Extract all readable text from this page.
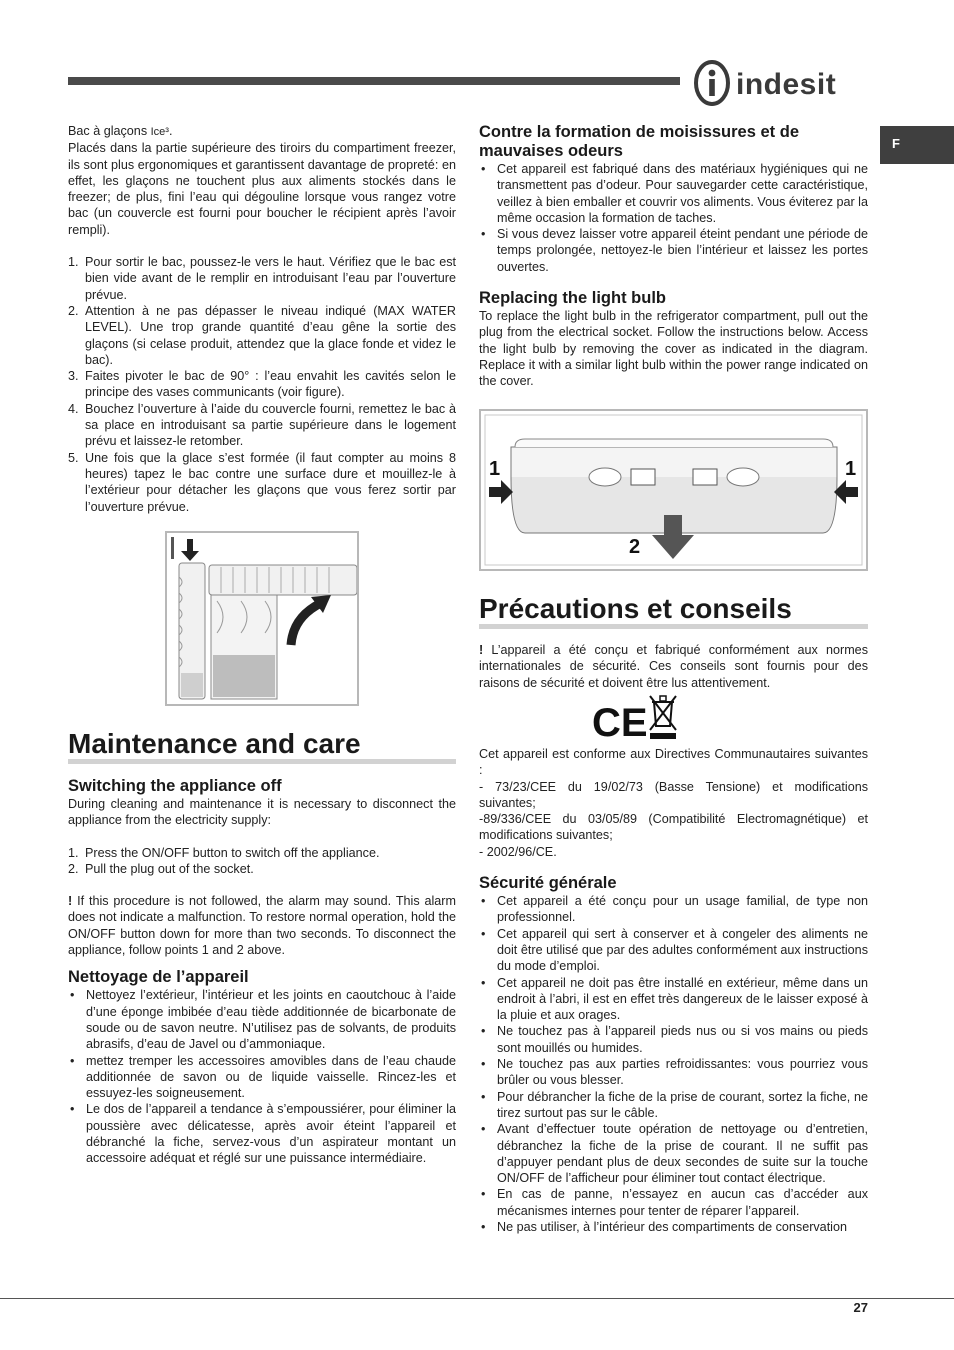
indesit
F

Bac à glaçons Ice³.

Placés dans la partie supérieure des tiroirs du compartiment freezer, ils sont plus ergonomiques et garantissent davantage de propreté: en effet, les glaçons ne touchent plus aux aliments stockés dans le freezer; de plus, fini l’eau qui dégouline lorsque vous rangez votre bac (un couvercle est fourni pour boucher le récipient après l’avoir rempli).

1. Pour sortir le bac, poussez-le vers le haut. Vérifiez que le bac est bien vide avant de le remplir en introduisant l’eau par l’ouverture prévue.
2. Attention à ne pas dépasser le niveau indiqué (MAX WATER LEVEL). Une trop grande quantité d’eau gêne la sortie des glaçons (si celase produit, attendez que la glace fonde et videz le bac).
3. Faites pivoter le bac de 90° : l’eau envahit les cavités selon le principe des vases communicants (voir figure).
4. Bouchez l’ouverture à l’aide du couvercle fourni, remettez le bac à sa place en introduisant sa partie supérieure dans le logement prévu et laissez-le retomber.
5. Une fois que la glace s’est formée (il faut compter au moins 8 heures) tapez le bac contre une surface dure et mouillez-le à l’extérieur pour détacher les glaçons que vous ferez sortir par l’ouverture prévue.
Maintenance and care
Switching the appliance off

During cleaning and maintenance it is necessary to disconnect the appliance from the electricity supply:

1. Press the ON/OFF button to switch off the appliance.
2. Pull the plug out of the socket.

! If this procedure is not followed, the alarm may sound. This alarm does not indicate a malfunction. To restore normal operation, hold the ON/OFF button down for more than two seconds. To disconnect the appliance, follow points 1 and 2 above.

Nettoyage de l’appareil
• Nettoyez l’extérieur, l’intérieur et les joints en caoutchouc à l’aide d’une éponge imbibée d’eau tiède additionnée de bicarbonate de soude ou de savon neutre. N’utilisez pas de solvants, de produits abrasifs, d’eau de Javel ou d’ammoniaque.
• mettez tremper les accessoires amovibles dans de l’eau chaude additionnée de savon ou de liquide vaisselle. Rincez-les et essuyez-les soigneusement.
• Le dos de l’appareil a tendance à s’empoussiérer, pour éliminer la poussière avec délicatesse, après avoir éteint l’appareil et débranché la fiche, servez-vous d’un aspirateur montant un accessoire adéquat et réglé sur une puissance intermédiaire.
Contre la formation de moisissures et de mauvaises odeurs
• Cet appareil est fabriqué dans des matériaux hygiéniques qui ne transmettent pas d’odeur. Pour sauvegarder cette caractéristique, veillez à bien emballer et couvrir vos aliments. Vous éviterez par la même occasion la formation de taches.
• Si vous devez laisser votre appareil éteint pendant une période de temps prolongée, nettoyez-le bien l’intérieur et laissez les portes ouvertes.
Replacing the light bulb

To replace the light bulb in the refrigerator compartment, pull out the plug from the electrical socket. Follow the instructions below. Access the light bulb by removing the cover as indicated in the diagram. Replace it with a similar light bulb within the power range indicated on the cover.

1	1
2
Précautions et conseils

! L’appareil a été conçu et fabriqué conformément aux normes internationales de sécurité. Ces conseils sont fournis pour des raisons de sécurité et doivent être lus attentivement.

CE

Cet appareil est conforme aux Directives Communautaires suivantes :

- 73/23/CEE du 19/02/73 (Basse Tensione) et modifications suivantes;

-89/336/CEE du 03/05/89 (Compatibilité Electromagnétique) et modifications suivantes;

- 2002/96/CE.

Sécurité générale
• Cet appareil a été conçu pour un usage familial, de type non professionnel.
• Cet appareil qui sert à conserver et à congeler des aliments ne doit être utilisé que par des adultes conformément aux instructions du mode d’emploi.
• Cet appareil ne doit pas être installé en extérieur, même dans un endroit à l’abri, il est en effet très dangereux de le laisser exposé à la pluie et aux orages.
• Ne touchez pas à l’appareil pieds nus ou si vos mains ou pieds sont mouillés ou humides.
• Ne touchez pas aux parties refroidissantes: vous pourriez vous brûler ou vous blesser.
• Pour débrancher la fiche de la prise de courant, sortez la fiche, ne tirez surtout pas sur le câble.
• Avant d’effectuer toute opération de nettoyage ou d’entretien, débranchez la fiche de la prise de courant. Il ne suffit pas d’appuyer pendant plus de deux secondes de suite sur la touche ON/OFF de l’afficheur pour éliminer tout contact électrique.
• En cas de panne, n’essayez en aucun cas d’accéder aux mécanismes internes pour tenter de réparer l’appareil.
• Ne pas utiliser, à l’intérieur des compartiments de conservation
27
